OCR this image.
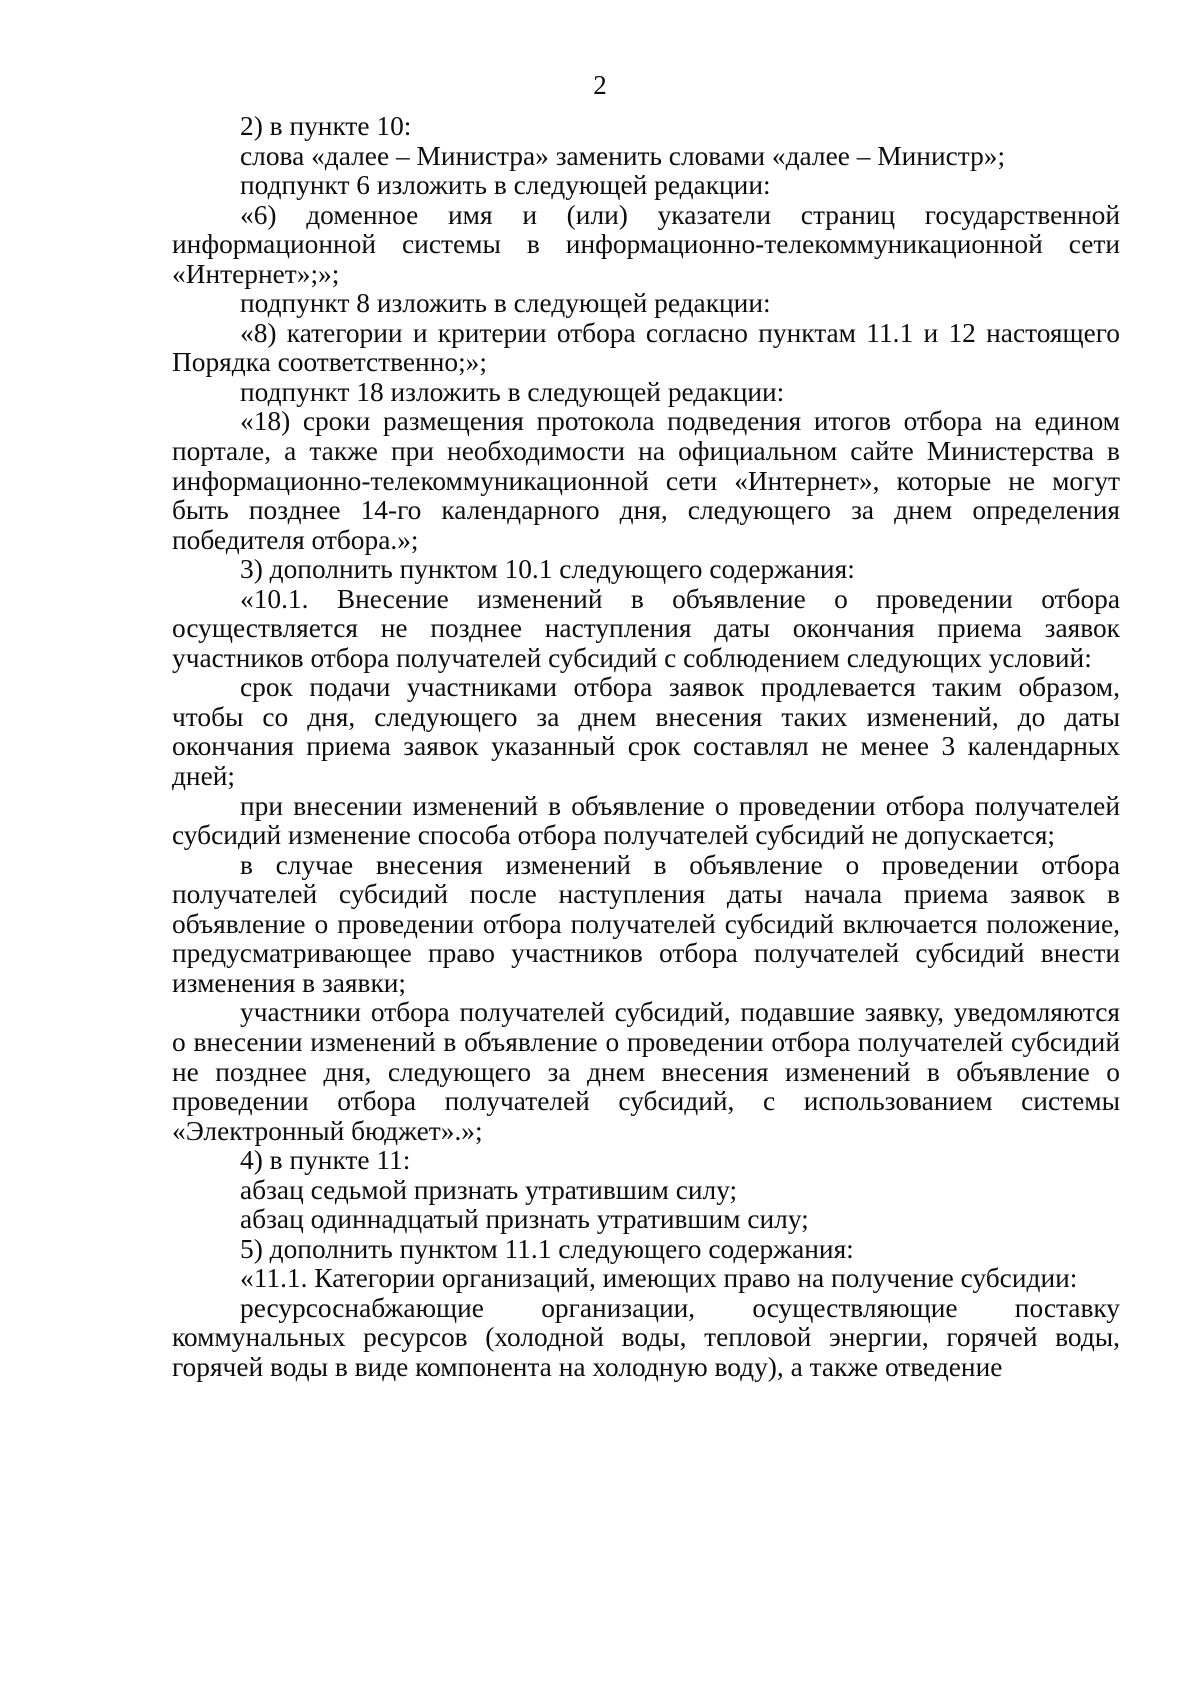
2

2) в пункте 10:

слова «далее – Министра» заменить словами «далее – Министр»;

подпункт 6 изложить в следующей редакции:

«6) доменное имя и (или) указатели страниц государственной информационной системы в информационно-телекоммуникационной сети «Интернет»;»;

подпункт 8 изложить в следующей редакции:

«8) категории и критерии отбора согласно пунктам 11.1 и 12 настоящего Порядка соответственно;»;

подпункт 18 изложить в следующей редакции:

«18) сроки размещения протокола подведения итогов отбора на едином портале, а также при необходимости на официальном сайте Министерства в информационно-телекоммуникационной сети «Интернет», которые не могут быть позднее 14-го календарного дня, следующего за днем определения победителя отбора.»;

3) дополнить пунктом 10.1 следующего содержания:

«10.1. Внесение изменений в объявление о проведении отбора осуществляется не позднее наступления даты окончания приема заявок участников отбора получателей субсидий с соблюдением следующих условий:

срок подачи участниками отбора заявок продлевается таким образом, чтобы со дня, следующего за днем внесения таких изменений, до даты окончания приема заявок указанный срок составлял не менее 3 календарных дней;

при внесении изменений в объявление о проведении отбора получателей субсидий изменение способа отбора получателей субсидий не допускается;

в случае внесения изменений в объявление о проведении отбора получателей субсидий после наступления даты начала приема заявок в объявление о проведении отбора получателей субсидий включается положение, предусматривающее право участников отбора получателей субсидий внести изменения в заявки;

участники отбора получателей субсидий, подавшие заявку, уведомляются о внесении изменений в объявление о проведении отбора получателей субсидий не позднее дня, следующего за днем внесения изменений в объявление о проведении отбора получателей субсидий, с использованием системы «Электронный бюджет».»;

4) в пункте 11:

абзац седьмой признать утратившим силу;

абзац одиннадцатый признать утратившим силу;

5) дополнить пунктом 11.1 следующего содержания:

«11.1. Категории организаций, имеющих право на получение субсидии:

ресурсоснабжающие организации, осуществляющие поставку коммунальных ресурсов (холодной воды, тепловой энергии, горячей воды, горячей воды в виде компонента на холодную воду), а также отведение
